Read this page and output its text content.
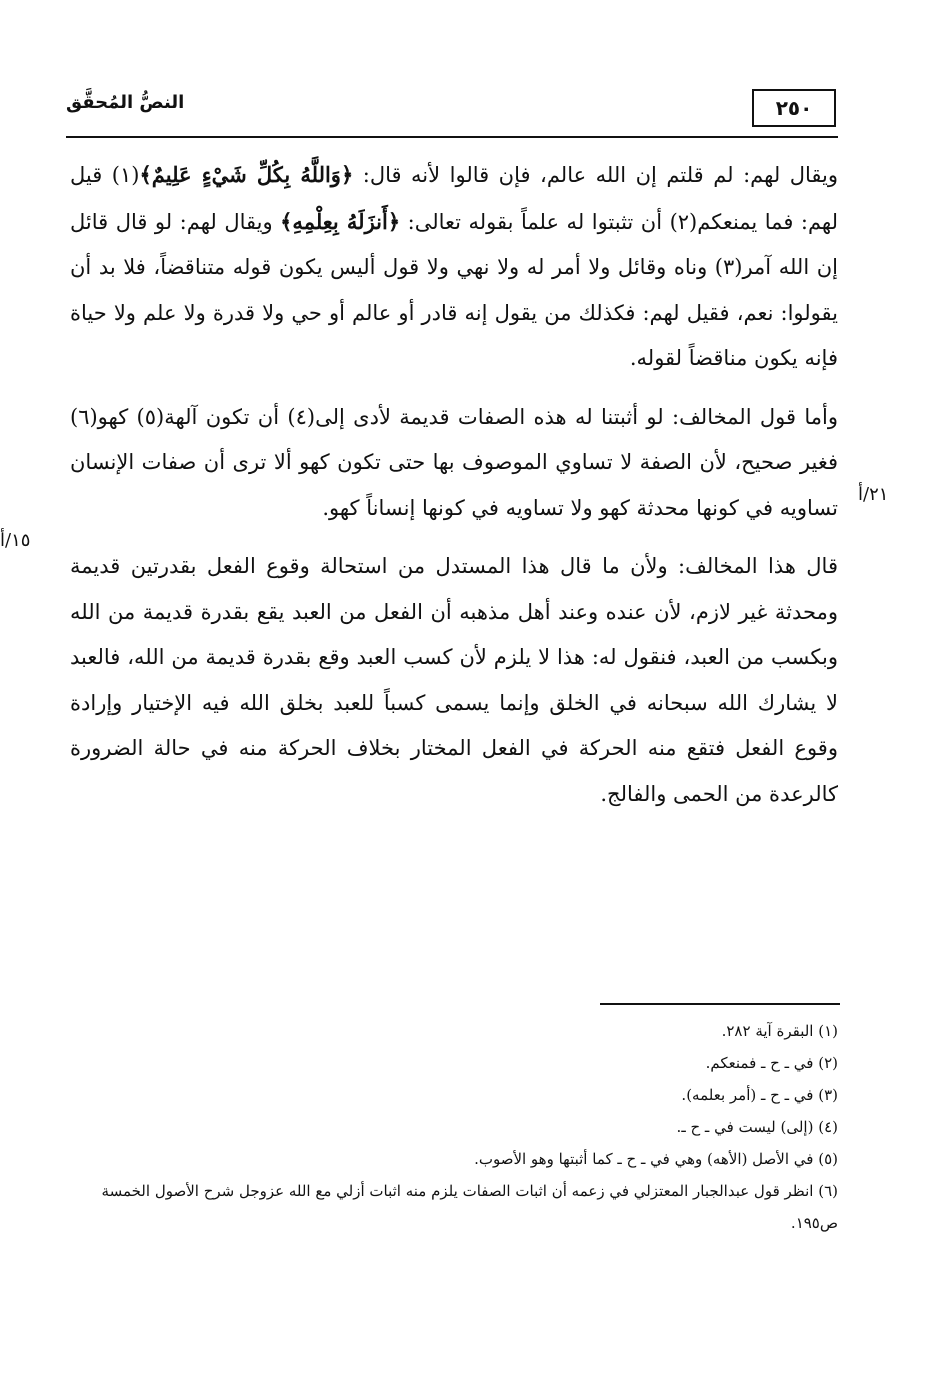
النصُّ المُحقَّق	٢٥٠
٢١/أ
١٥/أ

ويقال لهم: لم قلتم إن الله عالم، فإن قالوا لأنه قال: ﴿وَاللَّهُ بِكُلِّ شَيْءٍ عَلِيمٌ﴾(١) قيل لهم: فما يمنعكم(٢) أن تثبتوا له علماً بقوله تعالى: ﴿أَنزَلَهُ بِعِلْمِهِ﴾ ويقال لهم: لو قال قائل إن الله آمر(٣) وناه وقائل ولا أمر له ولا نهي ولا قول أليس يكون قوله متناقضاً، فلا بد أن يقولوا: نعم، فقيل لهم: فكذلك من يقول إنه قادر أو عالم أو حي ولا قدرة ولا علم ولا حياة فإنه يكون مناقضاً لقوله.

وأما قول المخالف: لو أثبتنا له هذه الصفات قديمة لأدى إلى(٤) أن تكون آلهة(٥) كهو(٦) فغير صحيح، لأن الصفة لا تساوي الموصوف بها حتى تكون كهو ألا ترى أن صفات الإنسان تساويه في كونها محدثة كهو ولا تساويه في كونها إنساناً كهو.

قال هذا المخالف: ولأن ما قال هذا المستدل من استحالة وقوع الفعل بقدرتين قديمة ومحدثة غير لازم، لأن عنده وعند أهل مذهبه أن الفعل من العبد يقع بقدرة قديمة من الله وبكسب من العبد، فنقول له: هذا لا يلزم لأن كسب العبد وقع بقدرة قديمة من الله، فالعبد لا يشارك الله سبحانه في الخلق وإنما يسمى كسباً للعبد بخلق الله فيه الإختيار وإرادة وقوع الفعل فتقع منه الحركة في الفعل المختار بخلاف الحركة منه في حالة الضرورة كالرعدة من الحمى والفالج.

(١) البقرة آية ٢٨٢.

(٢) في ـ ح ـ فمنعكم.

(٣) في ـ ح ـ (أمر بعلمه).

(٤) (إلى) ليست في ـ ح ـ.

(٥) في الأصل (الأهه) وهي في ـ ح ـ كما أثبتها وهو الأصوب.

(٦) انظر قول عبدالجبار المعتزلي في زعمه أن اثبات الصفات يلزم منه اثبات أزلي مع الله عزوجل شرح الأصول الخمسة ص١٩٥.
